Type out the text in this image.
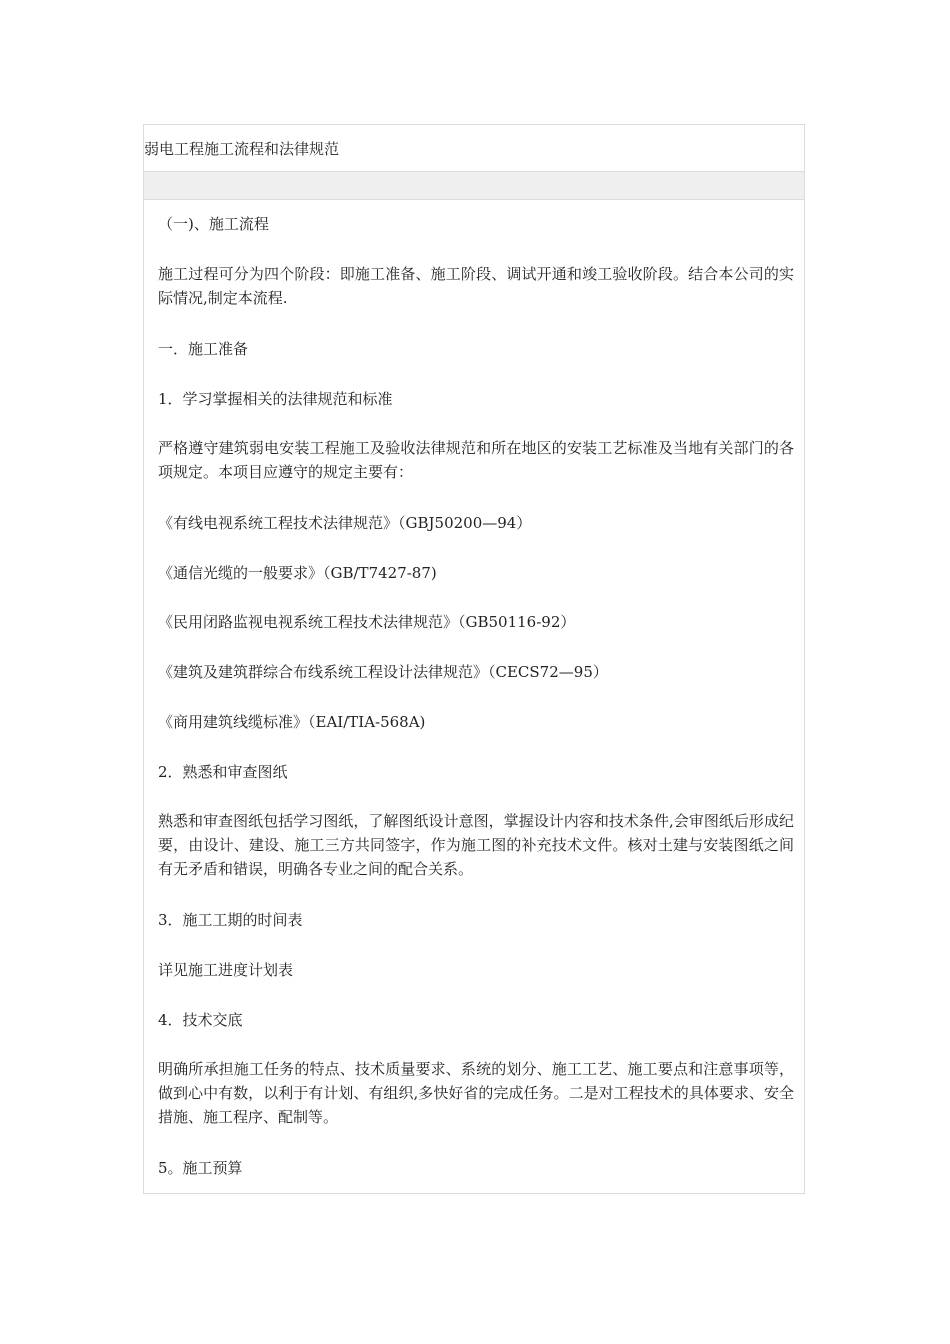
弱电工程施工流程和法律规范

（一)、施工流程

施工过程可分为四个阶段：即施工准备、施工阶段、调试开通和竣工验收阶段。结合本公司的实际情况,制定本流程.

一．施工准备

1．学习掌握相关的法律规范和标准

严格遵守建筑弱电安装工程施工及验收法律规范和所在地区的安装工艺标准及当地有关部门的各项规定。本项目应遵守的规定主要有：

《有线电视系统工程技术法律规范》（GBJ50200—94）

《通信光缆的一般要求》（GB/T7427-87)

《民用闭路监视电视系统工程技术法律规范》（GB50116-92）

《建筑及建筑群综合布线系统工程设计法律规范》（CECS72—95）

《商用建筑线缆标准》（EAI/TIA-568A)

2．熟悉和审查图纸

熟悉和审查图纸包括学习图纸，了解图纸设计意图，掌握设计内容和技术条件,会审图纸后形成纪要，由设计、建设、施工三方共同签字，作为施工图的补充技术文件。核对土建与安装图纸之间有无矛盾和错误，明确各专业之间的配合关系。

3．施工工期的时间表

详见施工进度计划表

4．技术交底

明确所承担施工任务的特点、技术质量要求、系统的划分、施工工艺、施工要点和注意事项等，做到心中有数，以利于有计划、有组织,多快好省的完成任务。二是对工程技术的具体要求、安全措施、施工程序、配制等。

5。施工预算
